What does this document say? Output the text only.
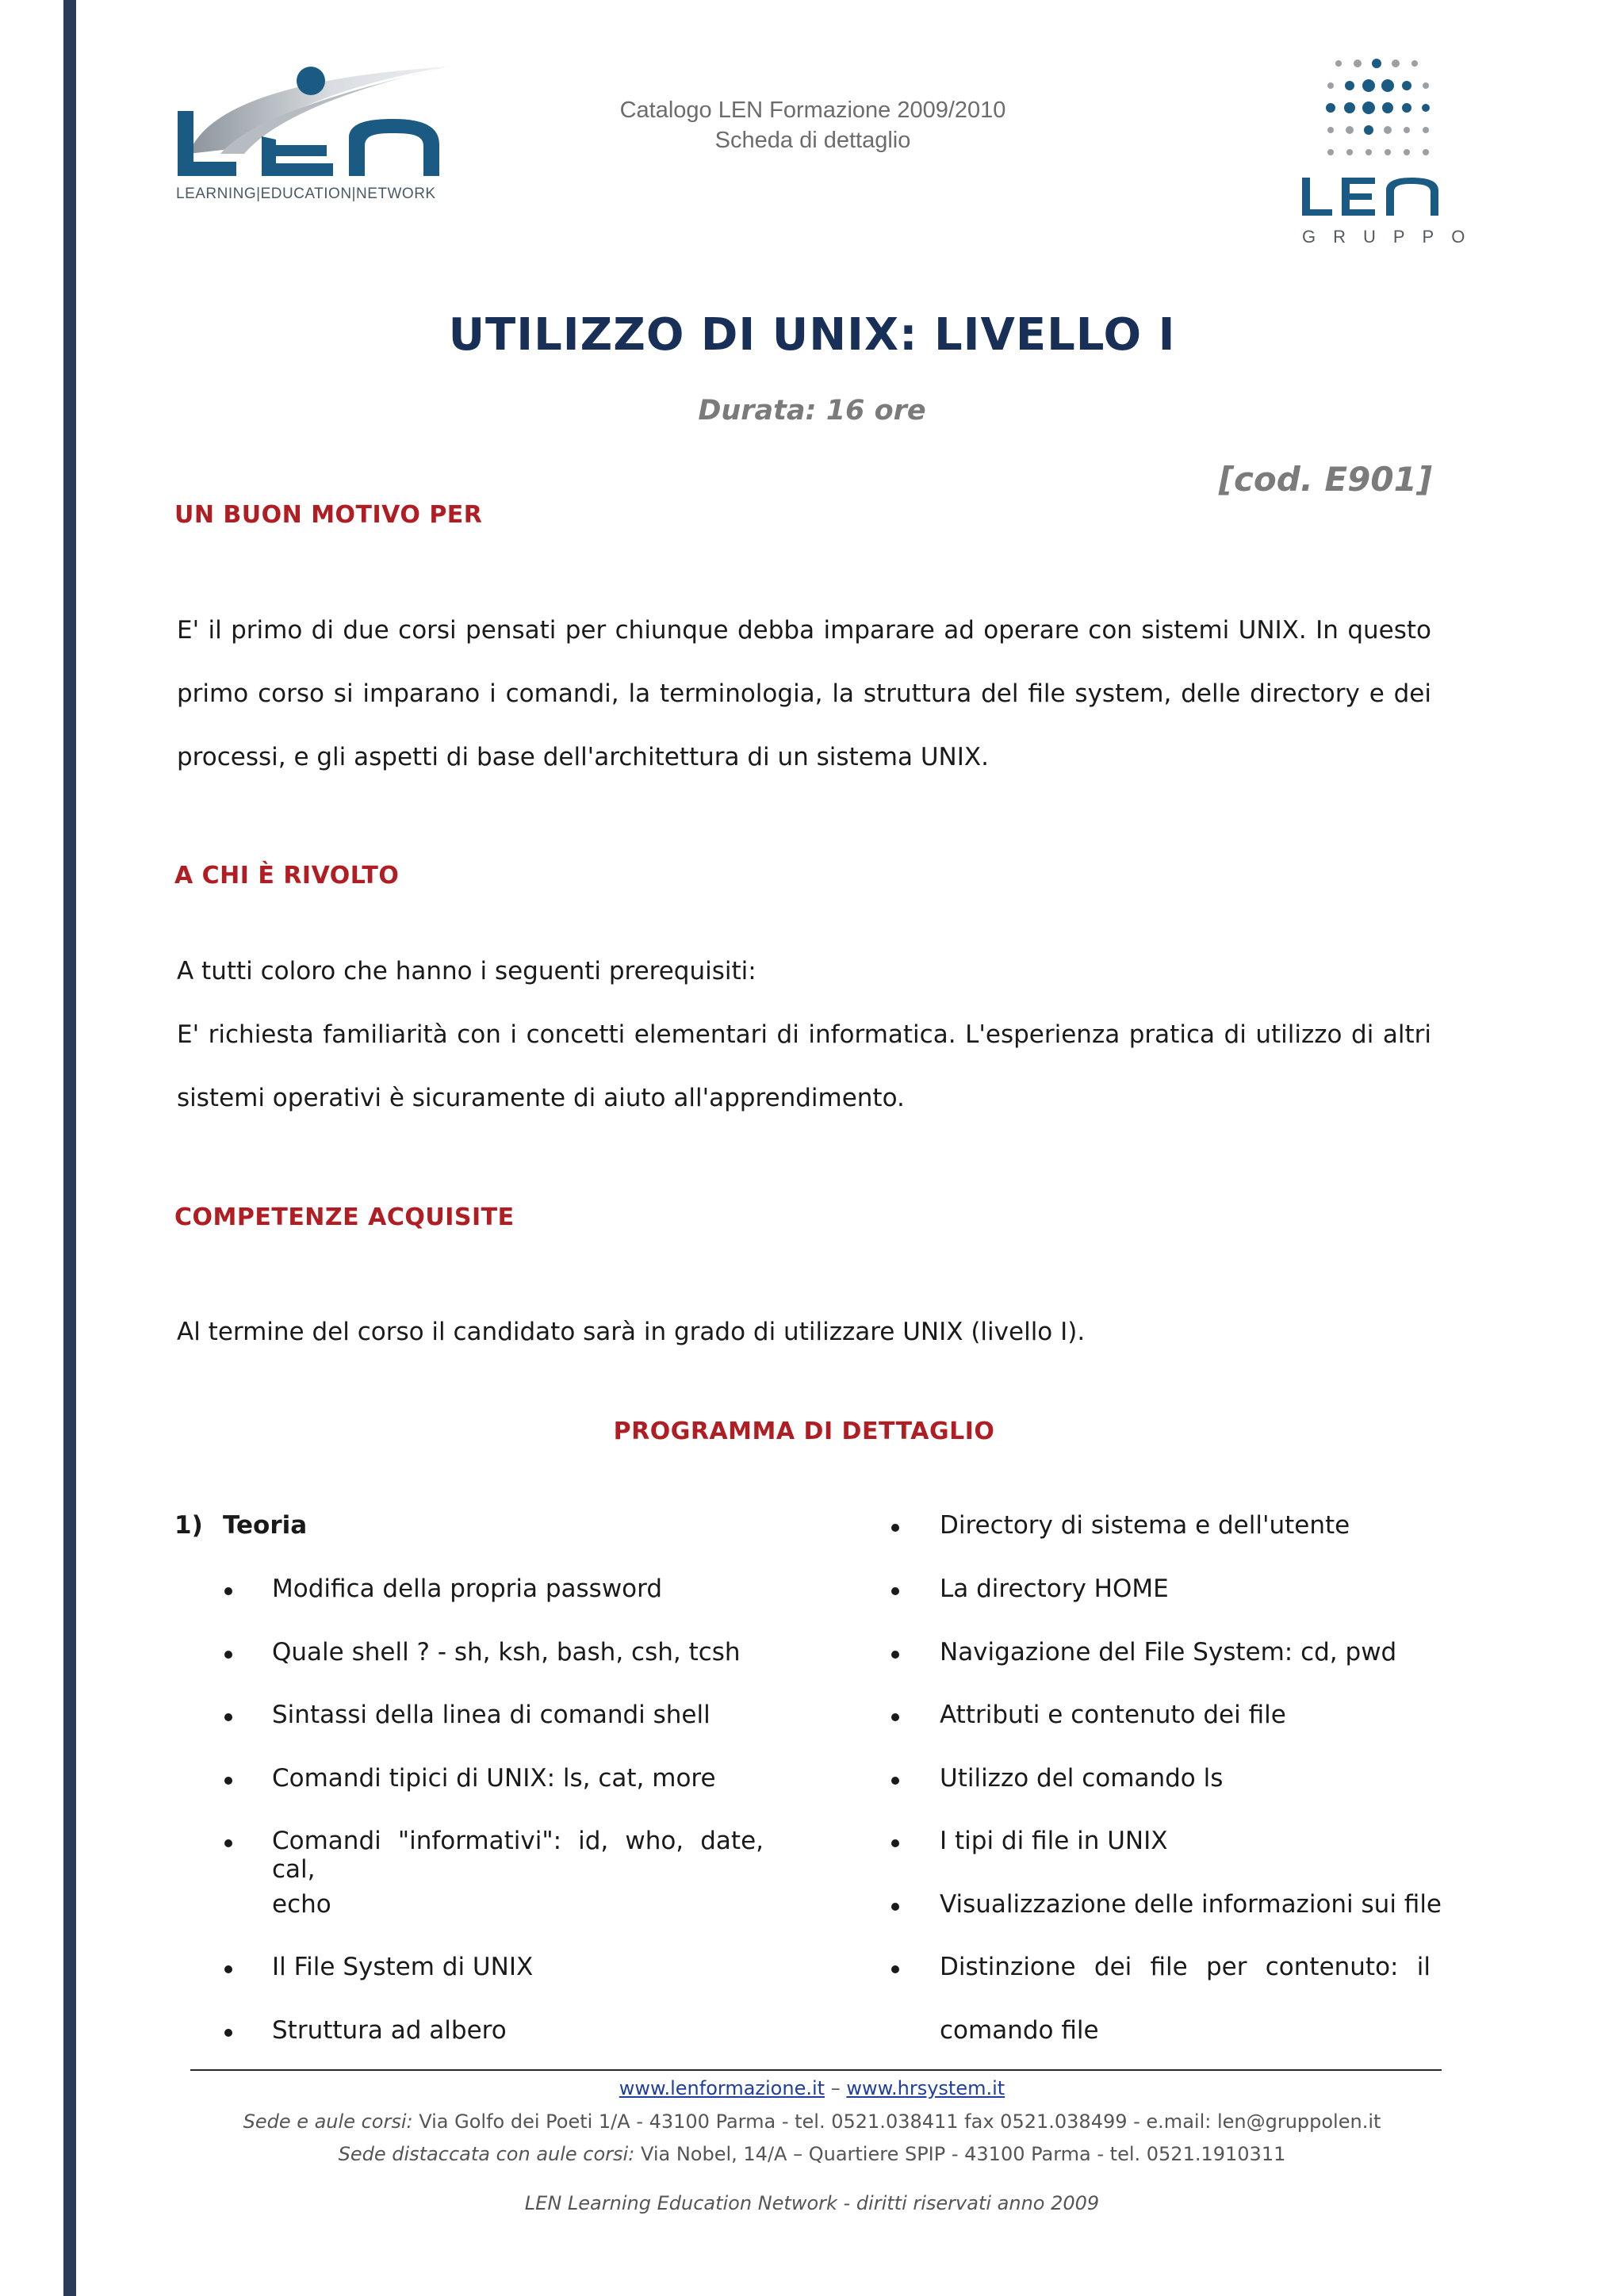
LEARNING|EDUCATION|NETWORK
Catalogo LEN Formazione 2009/2010
Scheda di dettaglio
GRUPPO
UTILIZZO DI UNIX: LIVELLO I
Durata: 16 ore
[cod. E901]
UN BUON MOTIVO PER
E' il primo di due corsi pensati per chiunque debba imparare ad operare con sistemi UNIX. In questo primo corso si imparano i comandi, la terminologia, la struttura del file system, delle directory e dei processi, e gli aspetti di base dell'architettura di un sistema UNIX.
A CHI È RIVOLTO
A tutti coloro che hanno i seguenti prerequisiti:
E' richiesta familiarità con i concetti elementari di informatica. L'esperienza pratica di utilizzo di altri sistemi operativi è sicuramente di aiuto all'apprendimento.
COMPETENZE ACQUISITE
Al termine del corso il candidato sarà in grado di utilizzare UNIX (livello I).
PROGRAMMA DI DETTAGLIO
1) Teoria
Modifica della propria password
Quale shell ? - sh, ksh, bash, csh, tcsh
Sintassi della linea di comandi shell
Comandi tipici di UNIX: ls, cat, more
Comandi "informativi": id, who, date, cal,
echo
Il File System di UNIX
Struttura ad albero
Directory di sistema e dell'utente
La directory HOME
Navigazione del File System: cd, pwd
Attributi e contenuto dei file
Utilizzo del comando ls
I tipi di file in UNIX
Visualizzazione delle informazioni sui file
Distinzione dei file per contenuto: il
comando file
www.lenformazione.it – www.hrsystem.it
Sede e aule corsi: Via Golfo dei Poeti 1/A - 43100 Parma - tel. 0521.038411 fax 0521.038499 - e.mail: len@gruppolen.it
Sede distaccata con aule corsi: Via Nobel, 14/A – Quartiere SPIP - 43100 Parma - tel. 0521.1910311
LEN Learning Education Network - diritti riservati anno 2009
